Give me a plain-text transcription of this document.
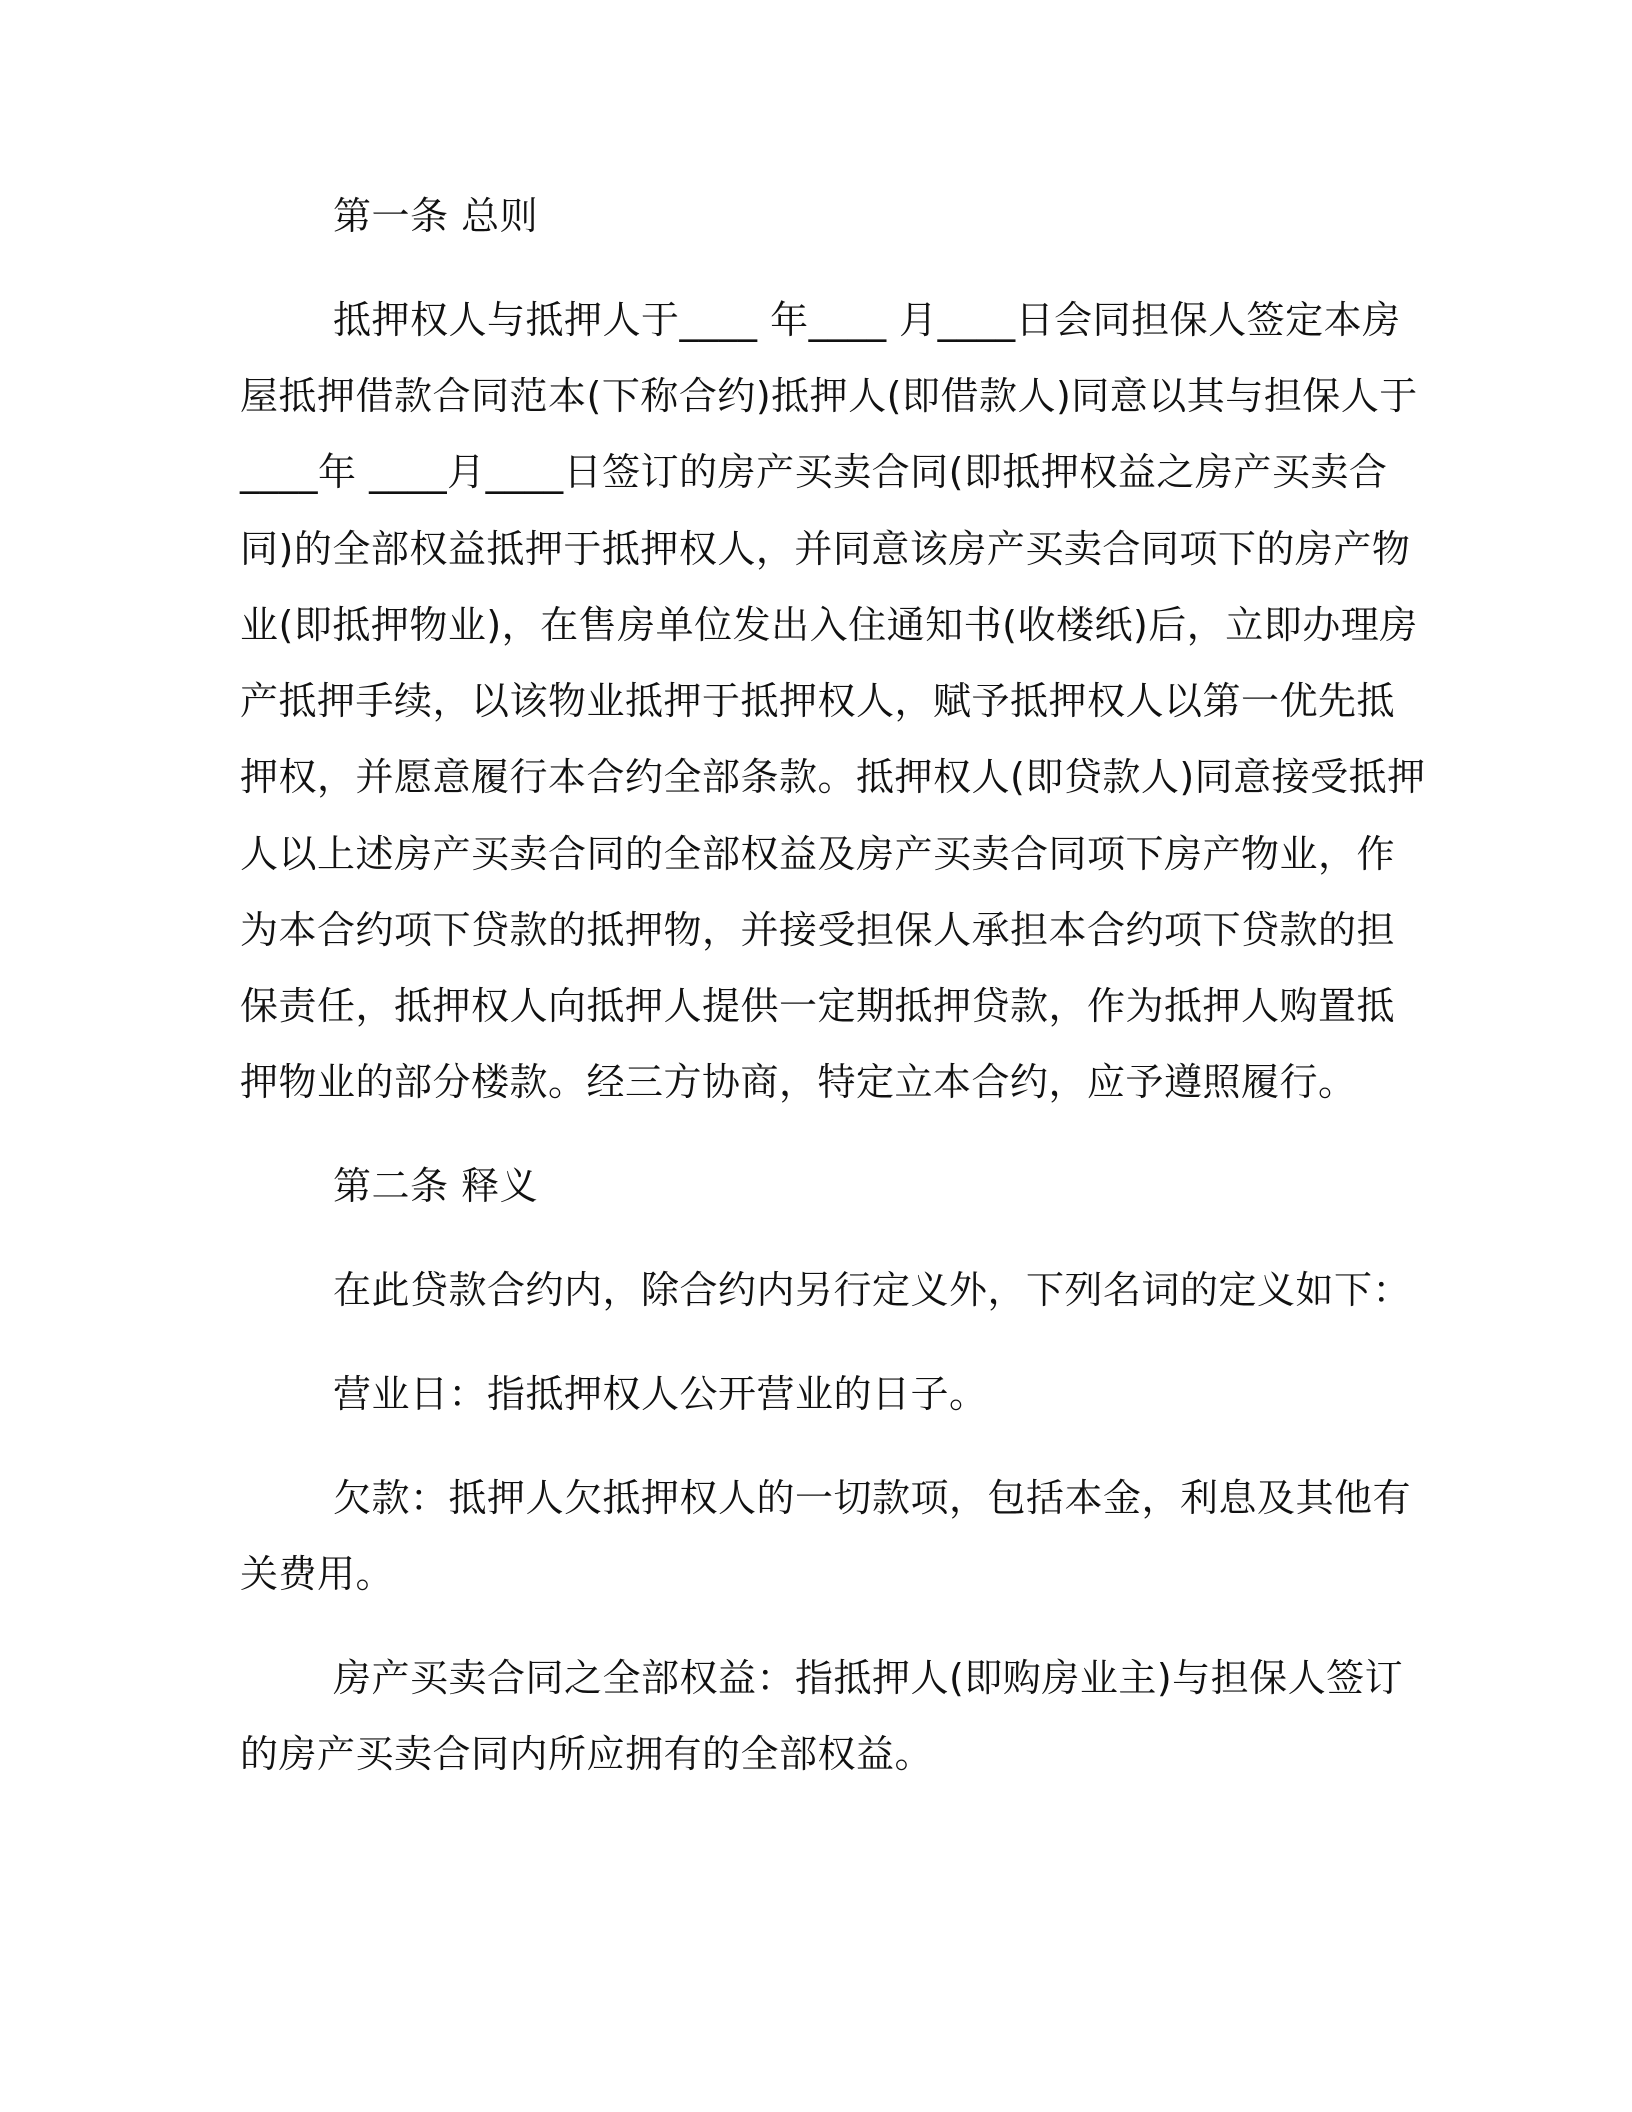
第一条 总则

抵押权人与抵押人于____ 年____ 月____日会同担保人签定本房

屋抵押借款合同范本(下称合约)抵押人(即借款人)同意以其与担保人于

____年 ____月____日签订的房产买卖合同(即抵押权益之房产买卖合

同)的全部权益抵押于抵押权人，并同意该房产买卖合同项下的房产物

业(即抵押物业)，在售房单位发出入住通知书(收楼纸)后，立即办理房

产抵押手续，以该物业抵押于抵押权人，赋予抵押权人以第一优先抵

押权，并愿意履行本合约全部条款。抵押权人(即贷款人)同意接受抵押

人以上述房产买卖合同的全部权益及房产买卖合同项下房产物业，作

为本合约项下贷款的抵押物，并接受担保人承担本合约项下贷款的担

保责任，抵押权人向抵押人提供一定期抵押贷款，作为抵押人购置抵

押物业的部分楼款。经三方协商，特定立本合约，应予遵照履行。

第二条 释义

在此贷款合约内，除合约内另行定义外，下列名词的定义如下：

营业日：指抵押权人公开营业的日子。

欠款：抵押人欠抵押权人的一切款项，包括本金，利息及其他有

关费用。

房产买卖合同之全部权益：指抵押人(即购房业主)与担保人签订

的房产买卖合同内所应拥有的全部权益。
